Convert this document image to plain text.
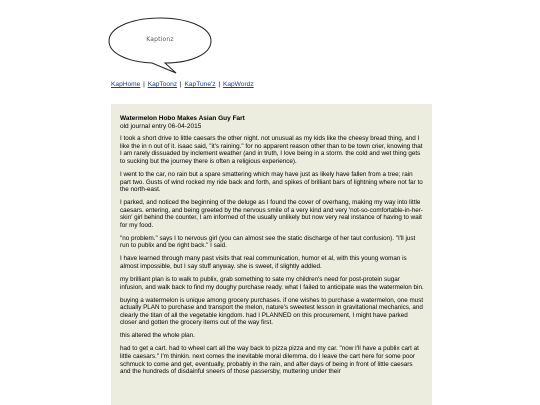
Kaptionz
KapHome | KapToonz | KapTune'z | KapWordz

Watermelon Hobo Makes Asian Guy Fart

old journal entry 06-04-2015

I took a short drive to little caesars the other night. not unusual as my kids like the cheesy bread thing, and I like the in n out of it. isaac said, "it's raining." for no apparent reason other than to be town crier, knowing that I am rarely dissuaded by inclement weather (and in truth, I love being in a storm. the cold and wet thing gets to sucking but the journey there is often a religious experience).

I went to the car, no rain but a spare smattering which may have just as likely have fallen from a tree; rain part two. Gusts of wind rocked my ride back and forth, and spikes of brilliant bars of lightning where not far to the north-east.

I parked, and noticed the beginning of the deluge as I found the cover of overhang, making my way into little caesars. entering, and being greeted by the nervous smile of a very kind and very 'not-so-comfortable-in-her-skin' girl behind the counter, I am informed of the usually unlikely but now very real instance of having to wait for my food.

"no problem." says I to nervous girl (you can almost see the static discharge of her taut confusion). "I'll just run to publix and be right back." I said.

I have learned through many past visits that real communication, humor et al, with this young woman is almost impossible, but I say stuff anyway. she is sweet, if slightly addled.

my brilliant plan is to walk to publix, grab something to sate my children's need for post-protein sugar infusion, and walk back to find my doughy purchase ready. what I failed to anticipate was the watermelon bin.

buying a watermelon is unique among grocery purchases. if one wishes to purchase a watermelon, one must actually PLAN to purchase and transport the melon, nature's sweetest lesson in gravitational mechanics, and clearly the titan of all the vegetable kingdom. had I PLANNED on this procurement, I might have parked closer and gotten the grocery items out of the way first.

this altered the whole plan.

had to get a cart. had to wheel cart all the way back to pizza pizza and my car. "now I'll have a publix cart at little caesars." I'm thinkin. next comes the inevitable moral dilemma. do I leave the cart here for some poor schmuck to come and get, eventually, probably in the rain, and after days of being in front of little caesars and the hundreds of disdainful sneers of those passersby, muttering under their
